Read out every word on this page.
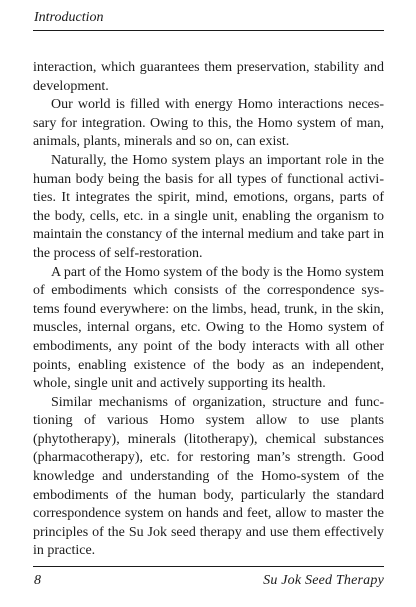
Introduction

interaction, which guarantees them preservation, stability and development.

Our world is filled with energy Homo interactions necessary for integration. Owing to this, the Homo system of man, animals, plants, minerals and so on, can exist.

Naturally, the Homo system plays an important role in the human body being the basis for all types of functional activities. It integrates the spirit, mind, emotions, organs, parts of the body, cells, etc. in a single unit, enabling the organism to maintain the constancy of the internal medium and take part in the process of self-restoration.

A part of the Homo system of the body is the Homo system of embodiments which consists of the correspondence systems found everywhere: on the limbs, head, trunk, in the skin, muscles, internal organs, etc. Owing to the Homo system of embodiments, any point of the body interacts with all other points, enabling existence of the body as an independent, whole, single unit and actively supporting its health.

Similar mechanisms of organization, structure and functioning of various Homo system allow to use plants (phytotherapy), minerals (litotherapy), chemical substances (pharmacotherapy), etc. for restoring man’s strength. Good knowledge and understanding of the Homo-system of the embodiments of the human body, particularly the standard correspondence system on hands and feet, allow to master the principles of the Su Jok seed therapy and use them effectively in practice.

8	Su Jok Seed Therapy
